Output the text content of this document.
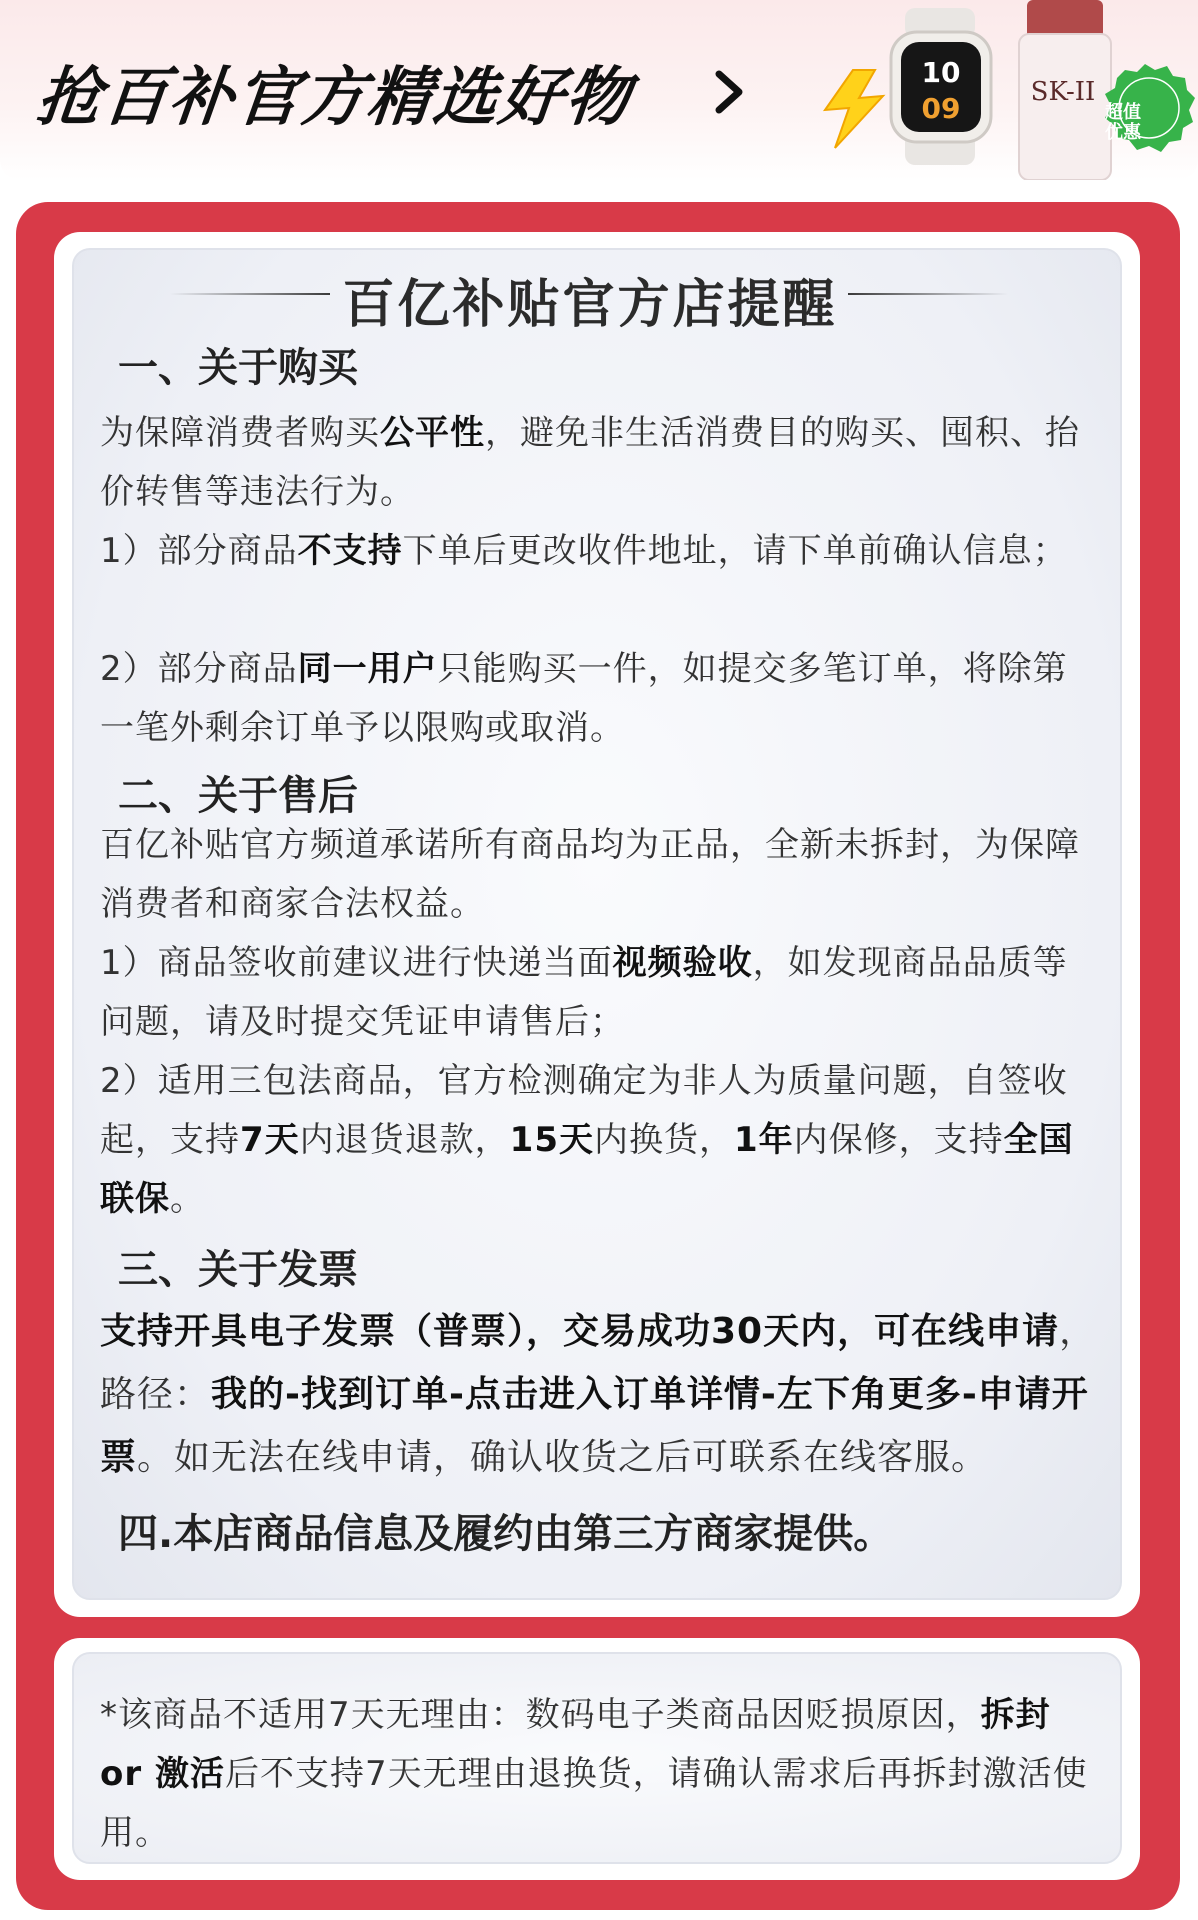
抢百补官方精选好物	10
09	SK-II
超值
优惠
百亿补贴官方店提醒
一、关于购买
为保障消费者购买公平性，避免非生活消费目的购买、囤积、抬价转售等违法行为。
1）部分商品不支持下单后更改收件地址，请下单前确认信息；
2）部分商品同一用户只能购买一件，如提交多笔订单，将除第一笔外剩余订单予以限购或取消。
二、关于售后
百亿补贴官方频道承诺所有商品均为正品，全新未拆封，为保障消费者和商家合法权益。
1）商品签收前建议进行快递当面视频验收，如发现商品品质等问题，请及时提交凭证申请售后；
2）适用三包法商品，官方检测确定为非人为质量问题，自签收起，支持7天内退货退款，15天内换货，1年内保修，支持全国联保。
三、关于发票
支持开具电子发票（普票），交易成功30天内，可在线申请，路径：我的-找到订单-点击进入订单详情-左下角更多-申请开票。如无法在线申请，确认收货之后可联系在线客服。
四.本店商品信息及履约由第三方商家提供。
*该商品不适用7天无理由：数码电子类商品因贬损原因，拆封 or 激活后不支持7天无理由退换货，请确认需求后再拆封激活使用。
